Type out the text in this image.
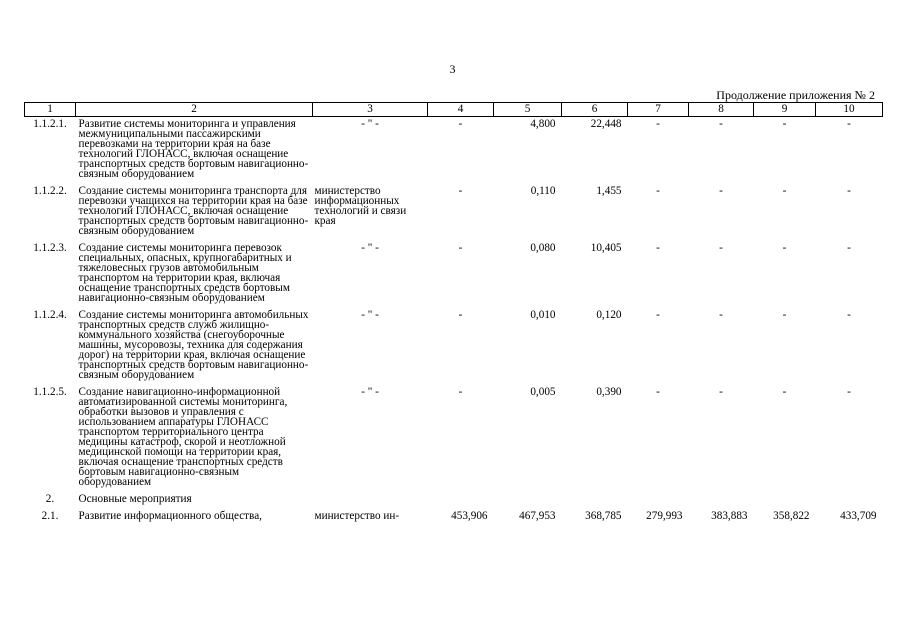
3
Продолжение приложения № 2
1	2	3	4	5	6	7	8	9	10
1.1.2.1.	Развитие системы мониторинга и управления межмуниципальными пассажирскими перевозками на территории края на базе технологий ГЛОНАСС, включая оснащение транспортных средств бортовым навигационно-связным оборудованием	- " -	-	4,800	22,448	-	-	-	-
1.1.2.2.	Создание системы мониторинга транспорта для перевозки учащихся на территории края на базе технологий ГЛОНАСС, включая оснащение транспортных средств бортовым навигационно-связным оборудованием	министерство информационных технологий и связи края	-	0,110	1,455	-	-	-	-
1.1.2.3.	Создание системы мониторинга перевозок специальных, опасных, крупногабаритных и тяжеловесных грузов автомобильным транспортом на территории края, включая оснащение транспортных средств бортовым навигационно-связным оборудованием	- " -	-	0,080	10,405	-	-	-	-
1.1.2.4.	Создание системы мониторинга автомобильных транспортных средств служб жилищно-коммунального хозяйства (снегоуборочные машины, мусоровозы, техника для содержания дорог) на территории края, включая оснащение транспортных средств бортовым навигационно-связным оборудованием	- " -	-	0,010	0,120	-	-	-	-
1.1.2.5.	Создание навигационно-информационной автоматизированной системы мониторинга, обработки вызовов и управления с использованием аппаратуры ГЛОНАСС транспортом территориального центра медицины катастроф, скорой и неотложной медицинской помощи на территории края, включая оснащение транспортных средств бортовым навигационно-связным оборудованием	- " -	-	0,005	0,390	-	-	-	-
2.	Основные мероприятия								
2.1.	Развитие информационного общества,	министерство ин-	453,906	467,953	368,785	279,993	383,883	358,822	433,709
